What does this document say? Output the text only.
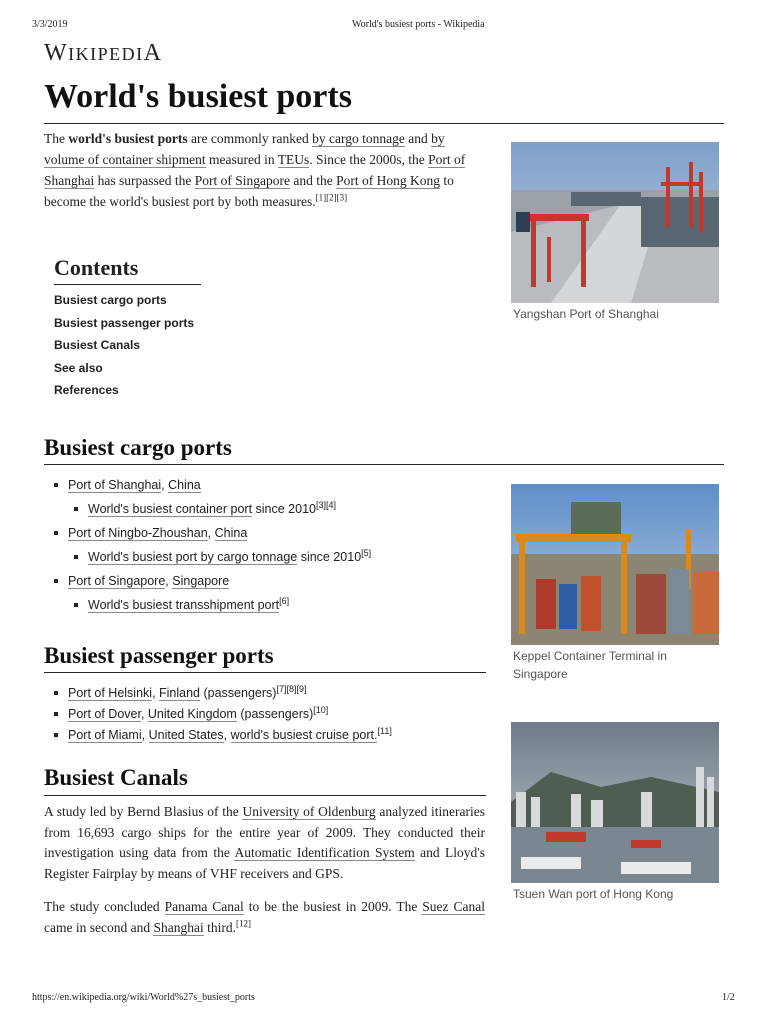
3/3/2019	World's busiest ports - Wikipedia
WIKIPEDIA
World's busiest ports
The world's busiest ports are commonly ranked by cargo tonnage and by volume of container shipment measured in TEUs. Since the 2000s, the Port of Shanghai has surpassed the Port of Singapore and the Port of Hong Kong to become the world's busiest port by both measures.[1][2][3]
Contents
Busiest cargo ports
Busiest passenger ports
Busiest Canals
See also
References
Busiest cargo ports
Port of Shanghai, China
World's busiest container port since 2010[3][4]
Port of Ningbo-Zhoushan, China
World's busiest port by cargo tonnage since 2010[5]
Port of Singapore, Singapore
World's busiest transshipment port[6]
Busiest passenger ports
Port of Helsinki, Finland (passengers)[7][8][9]
Port of Dover, United Kingdom (passengers)[10]
Port of Miami, United States, world's busiest cruise port.[11]
Busiest Canals
A study led by Bernd Blasius of the University of Oldenburg analyzed itineraries from 16,693 cargo ships for the entire year of 2009. They conducted their investigation using data from the Automatic Identification System and Lloyd's Register Fairplay by means of VHF receivers and GPS.
The study concluded Panama Canal to be the busiest in 2009. The Suez Canal came in second and Shanghai third.[12]
Yangshan Port of Shanghai
Keppel Container Terminal in Singapore
Tsuen Wan port of Hong Kong
https://en.wikipedia.org/wiki/World%27s_busiest_ports	1/2
